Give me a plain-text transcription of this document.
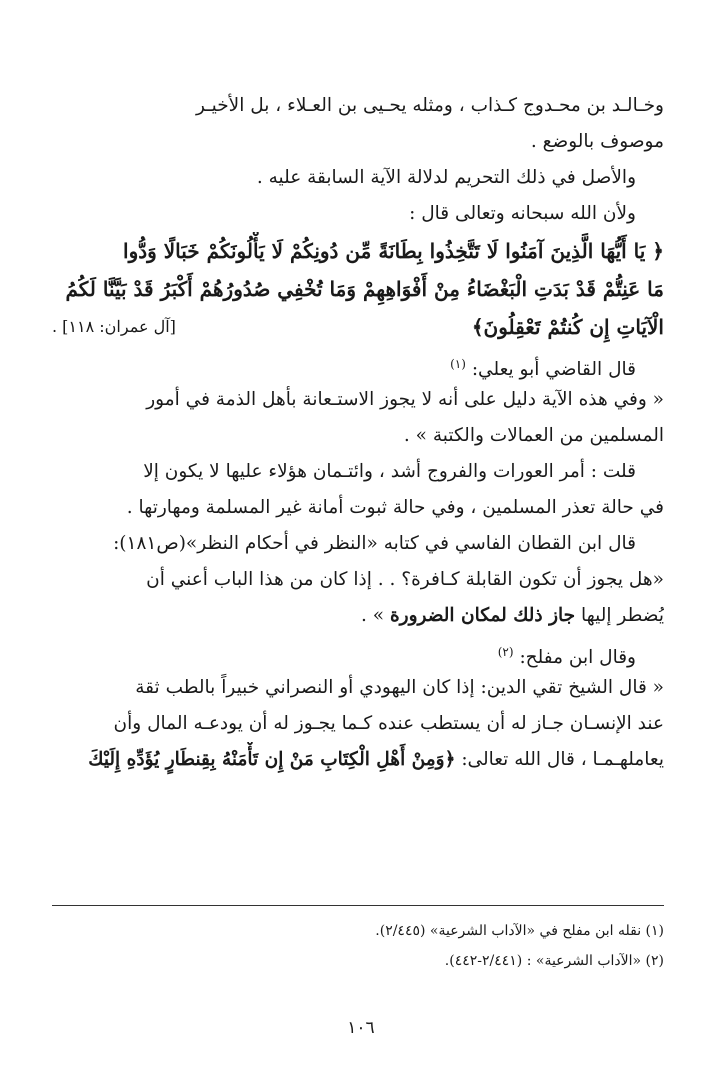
وخـالـد بن محـدوج كـذاب ، ومثله يحـيى بن العـلاء ، بل الأخيـر
موصوف بالوضع .
والأصل في ذلك التحريم لدلالة الآية السابقة عليه .
ولأن الله سبحانه وتعالى قال :
﴿ يَا أَيُّهَا الَّذِينَ آمَنُوا لَا تَتَّخِذُوا بِطَانَةً مِّن دُونِكُمْ لَا يَأْلُونَكُمْ خَبَالًا وَدُّوا
مَا عَنِتُّمْ قَدْ بَدَتِ الْبَغْضَاءُ مِنْ أَفْوَاهِهِمْ وَمَا تُخْفِي صُدُورُهُمْ أَكْبَرُ قَدْ بَيَّنَّا لَكُمُ
الْآيَاتِ إِن كُنتُمْ تَعْقِلُونَ﴾
[آل عمران: ١١٨] .
قال القاضي أبو يعلي: $^{(١)}$
« وفي هذه الآية دليل على أنه لا يجوز الاستـعانة بأهل الذمة في أمور
المسلمين من العمالات والكتبة » .
قلت : أمر العورات والفروج أشد ، وائتـمان هؤلاء عليها لا يكون إلا
في حالة تعذر المسلمين ، وفي حالة ثبوت أمانة غير المسلمة ومهارتها .
قال ابن القطان الفاسي في كتابه «النظر في أحكام النظر»(ص١٨١):
«هل يجوز أن تكون القابلة كـافرة؟ . . إذا كان من هذا الباب أعني أن
يُضطر إليها جاز ذلك لمكان الضرورة » .
وقال ابن مفلح: $^{(٢)}$
« قال الشيخ تقي الدين: إذا كان اليهودي أو النصراني خبيراً بالطب ثقة
عند الإنسـان جـاز له أن يستطب عنده كـما يجـوز له أن يودعـه المال وأن
يعاملهـمـا ، قال الله تعالى: ﴿وَمِنْ أَهْلِ الْكِتَابِ مَنْ إِن تَأْمَنْهُ بِقِنطَارٍ يُؤَدِّهِ إِلَيْكَ
(١) نقله ابن مفلح في «الآداب الشرعية» (٢/٤٤٥).
(٢) «الآداب الشرعية» : (٢/٤٤١-٤٤٢).
١٠٦
